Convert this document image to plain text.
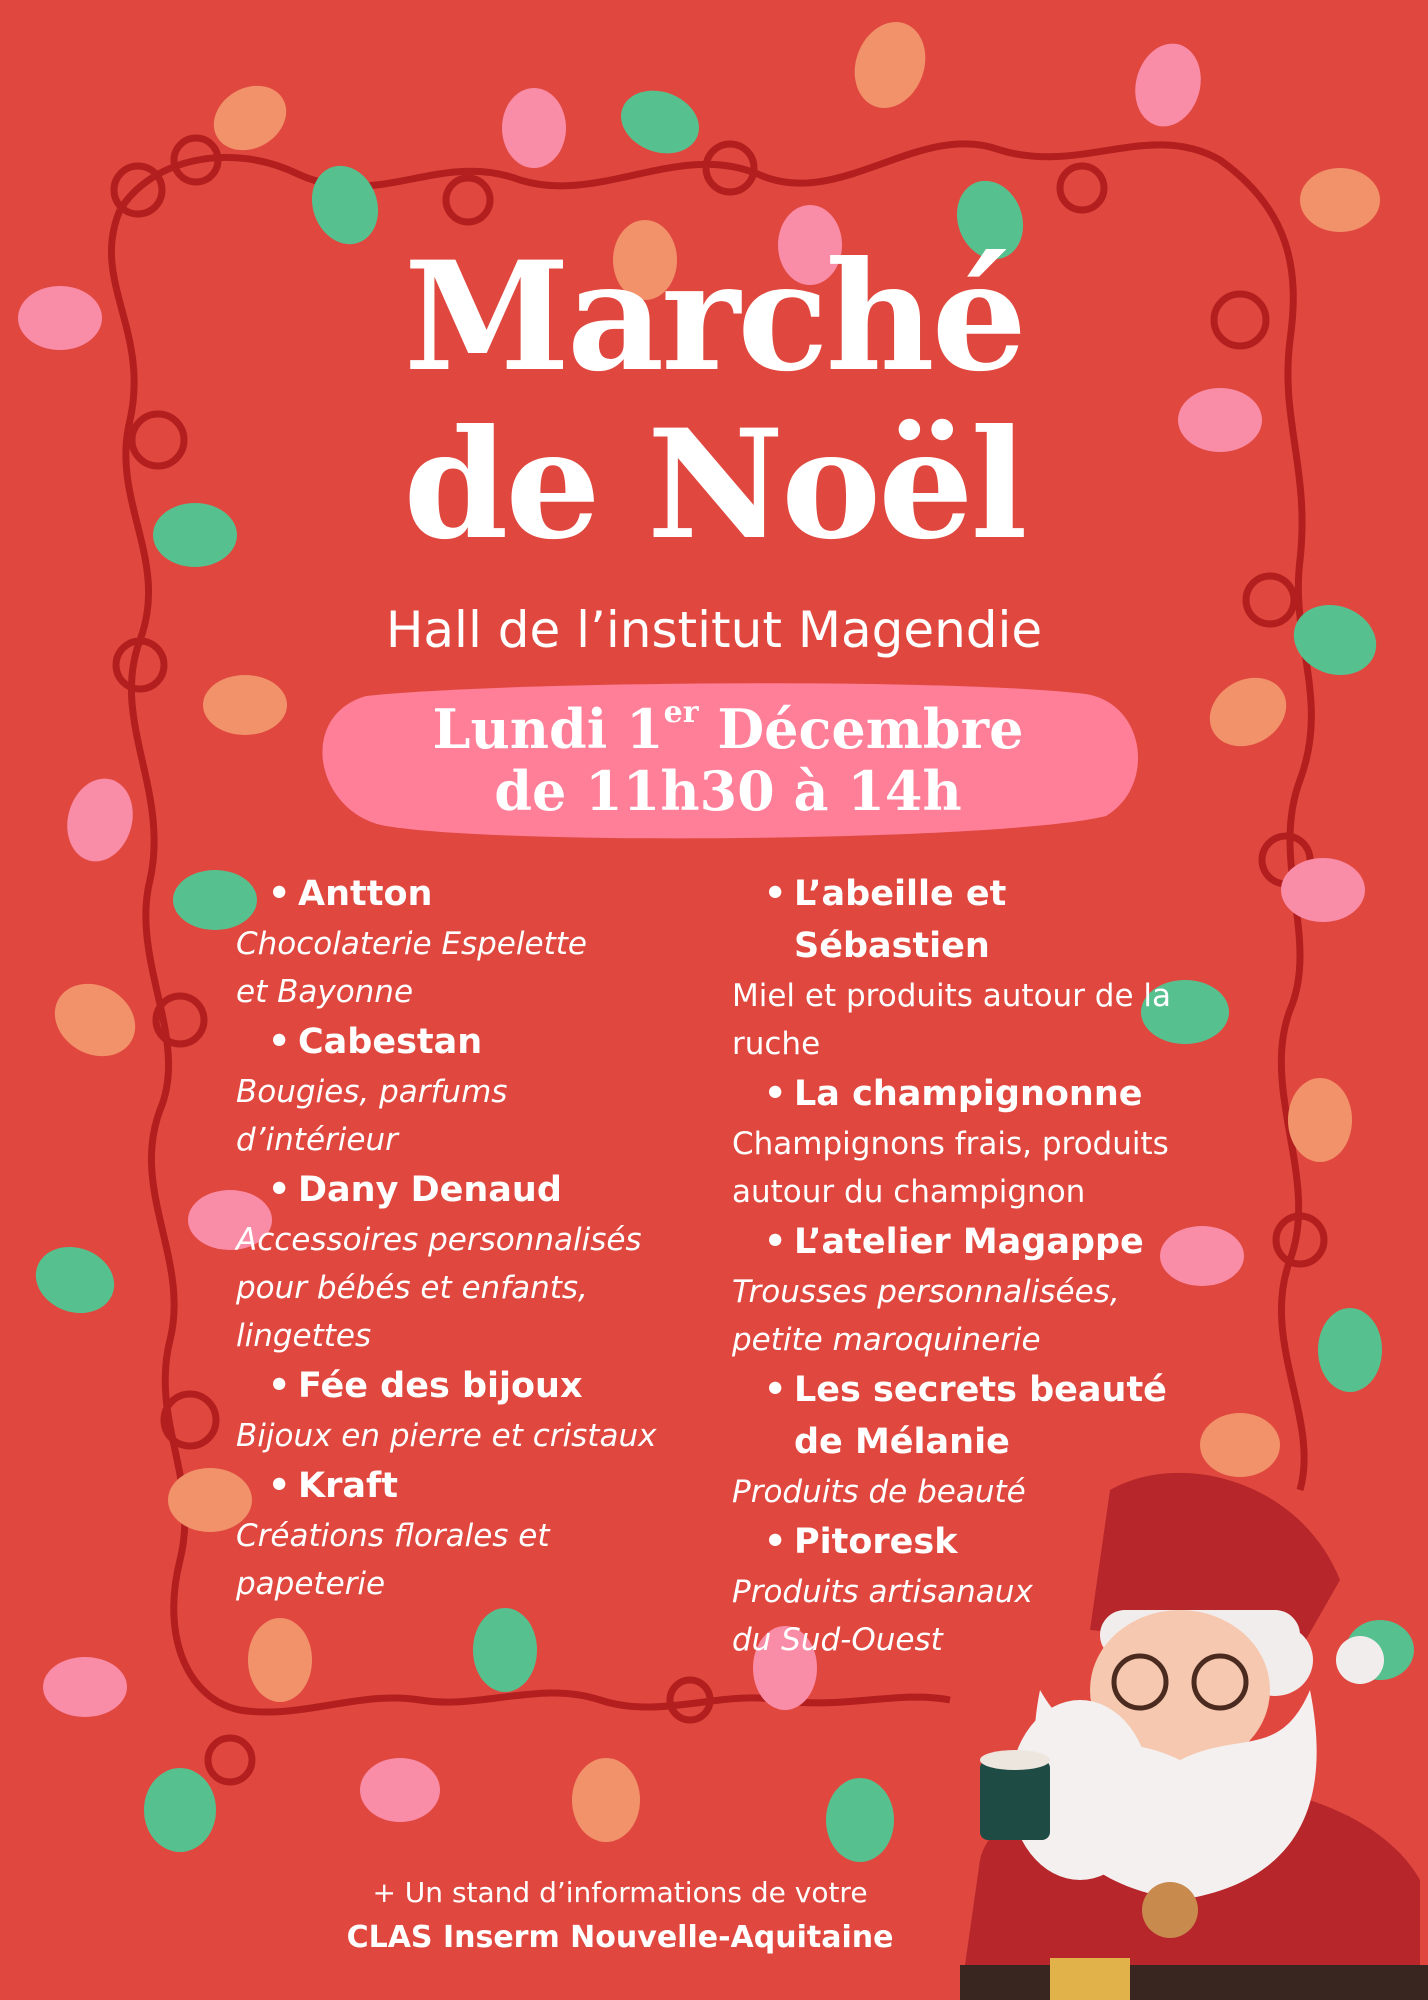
Marché
de Noël
Hall de l’institut Magendie
Lundi 1er Décembre
de 11h30 à 14h
• Antton
Chocolaterie Espelette
et Bayonne
• Cabestan
Bougies, parfums
d’intérieur
• Dany Denaud
Accessoires personnalisés
pour bébés et enfants,
lingettes
• Fée des bijoux
Bijoux en pierre et cristaux
• Kraft
Créations florales et
papeterie
• L’abeille et Sébastien
Miel et produits autour de la
ruche
• La champignonne
Champignons frais, produits
autour du champignon
• L’atelier Magappe
Trousses personnalisées,
petite maroquinerie
• Les secrets beauté de Mélanie
Produits de beauté
• Pitoresk
Produits artisanaux
du Sud-Ouest
+ Un stand d’informations de votre
CLAS Inserm Nouvelle-Aquitaine
